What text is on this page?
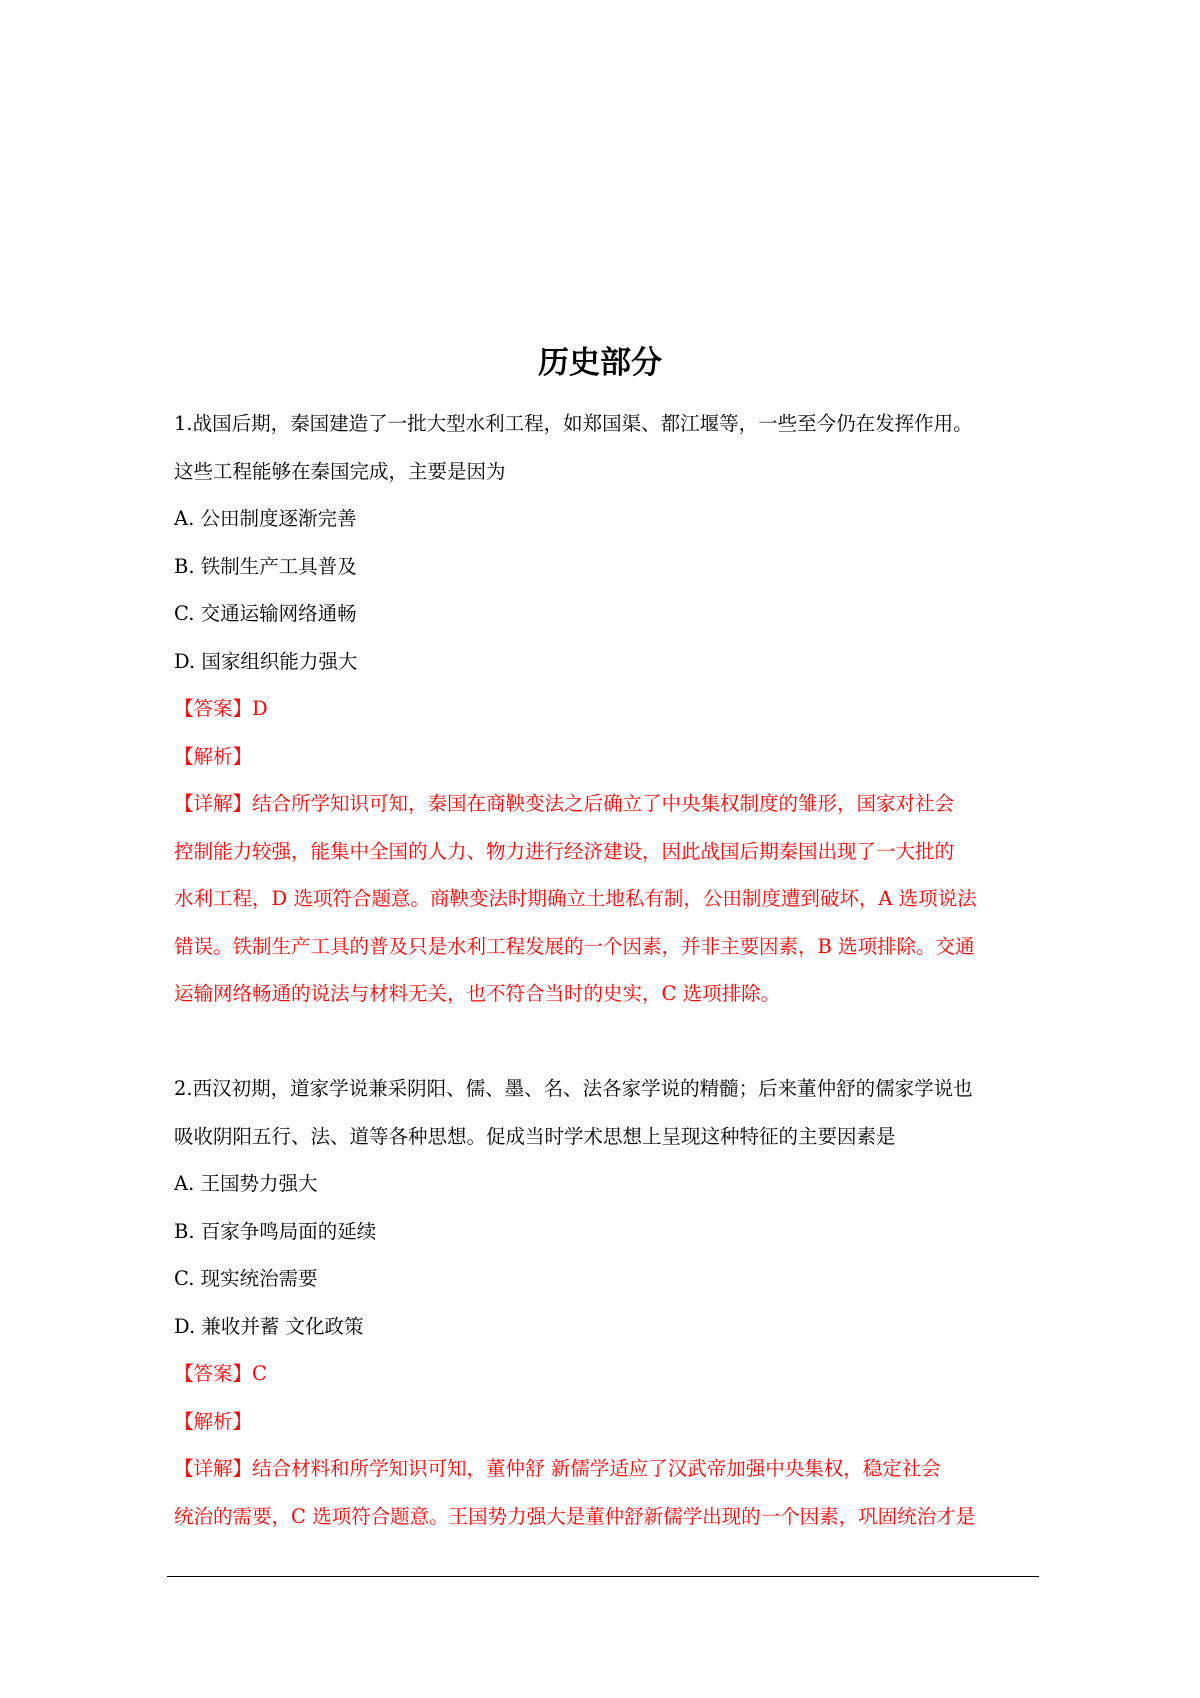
历史部分
1.战国后期，秦国建造了一批大型水利工程，如郑国渠、都江堰等，一些至今仍在发挥作用。
这些工程能够在秦国完成，主要是因为
A. 公田制度逐渐完善
B. 铁制生产工具普及
C. 交通运输网络通畅
D. 国家组织能力强大
【答案】D
【解析】
【详解】结合所学知识可知，秦国在商鞅变法之后确立了中央集权制度的雏形，国家对社会
控制能力较强，能集中全国的人力、物力进行经济建设，因此战国后期秦国出现了一大批的
水利工程，D 选项符合题意。商鞅变法时期确立土地私有制，公田制度遭到破坏，A 选项说法
错误。铁制生产工具的普及只是水利工程发展的一个因素，并非主要因素，B 选项排除。交通
运输网络畅通的说法与材料无关，也不符合当时的史实，C 选项排除。
2.西汉初期，道家学说兼采阴阳、儒、墨、名、法各家学说的精髓；后来董仲舒的儒家学说也
吸收阴阳五行、法、道等各种思想。促成当时学术思想上呈现这种特征的主要因素是
A. 王国势力强大
B. 百家争鸣局面的延续
C. 现实统治需要
D. 兼收并蓄 文化政策
【答案】C
【解析】
【详解】结合材料和所学知识可知，董仲舒 新儒学适应了汉武帝加强中央集权，稳定社会
统治的需要，C 选项符合题意。王国势力强大是董仲舒新儒学出现的一个因素，巩固统治才是
